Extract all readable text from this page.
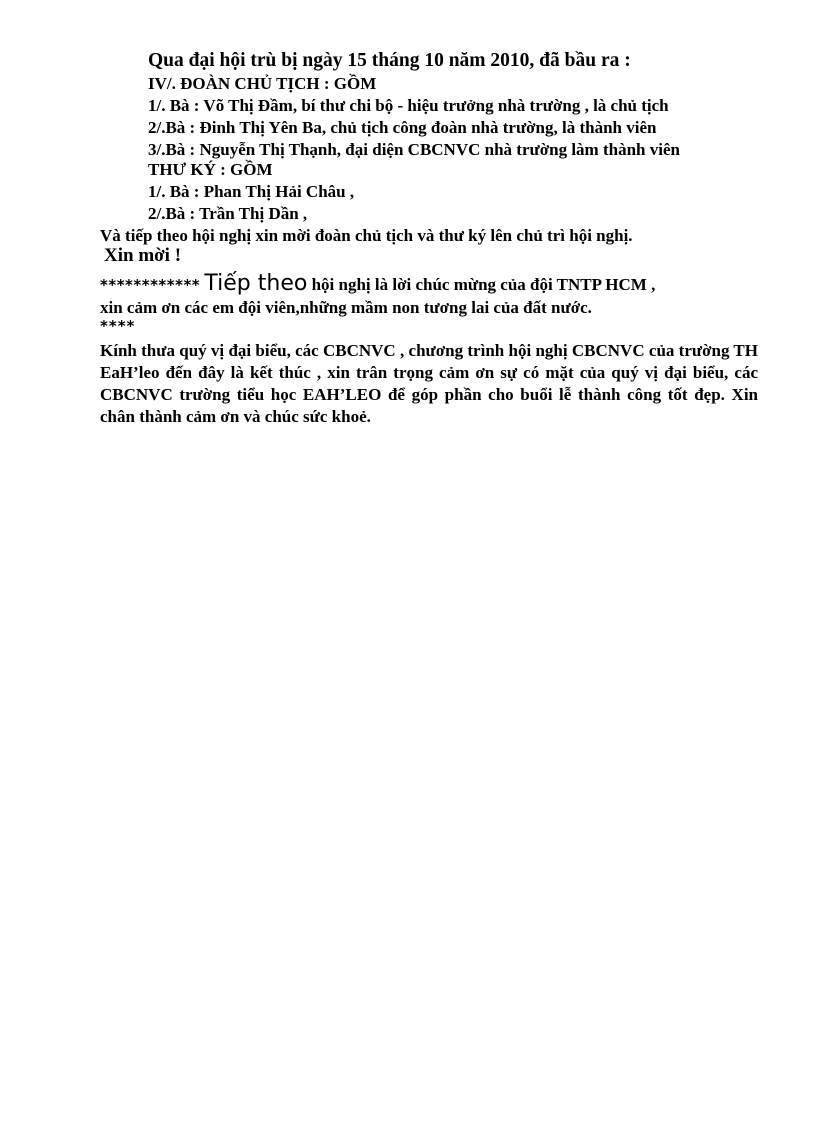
Qua đại hội trù bị ngày 15 tháng 10 năm 2010, đã bầu ra :
IV/. ĐOÀN CHỦ TỊCH : GỒM
1/. Bà : Võ Thị Đầm, bí thư chi bộ - hiệu trưởng nhà trường , là chủ tịch
2/.Bà : Đinh Thị Yên Ba, chủ tịch công đoàn nhà trường, là thành viên
3/.Bà : Nguyễn Thị Thạnh, đại diện CBCNVC nhà trường làm thành viên
THƯ KÝ : GỒM
1/. Bà : Phan Thị Hải Châu ,
2/.Bà : Trần Thị Dần ,
Và tiếp theo hội nghị xin mời đoàn chủ tịch và thư ký lên chủ trì hội nghị.
Xin mời !
************ Tiếp theo hội nghị là lời chúc mừng của đội TNTP HCM ,
xin cảm ơn các em đội viên,những mầm non tương lai của đất nước.
****
Kính thưa quý vị đại biểu, các CBCNVC , chương trình hội nghị CBCNVC của trường TH EaH’leo đến đây là kết thúc , xin trân trọng cảm ơn sự có mặt của quý vị đại biểu, các CBCNVC trường tiểu học EAH’LEO để góp phần cho buổi lễ thành công tốt đẹp. Xin chân thành cảm ơn và chúc sức khoẻ.
